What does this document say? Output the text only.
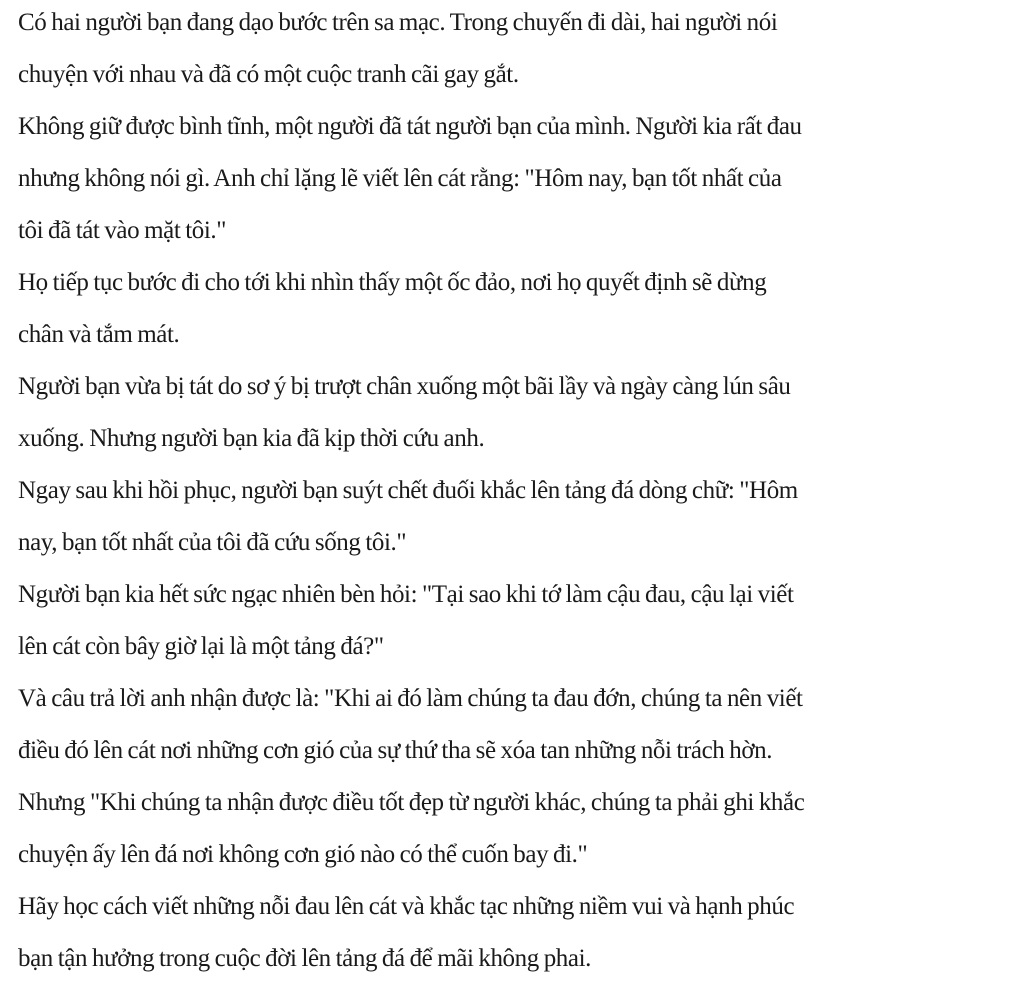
Có hai người bạn đang dạo bước trên sa mạc. Trong chuyến đi dài, hai người nói
chuyện với nhau và đã có một cuộc tranh cãi gay gắt.
Không giữ được bình tĩnh, một người đã tát người bạn của mình. Người kia rất đau
nhưng không nói gì. Anh chỉ lặng lẽ viết lên cát rằng: "Hôm nay, bạn tốt nhất của
tôi đã tát vào mặt tôi."
Họ tiếp tục bước đi cho tới khi nhìn thấy một ốc đảo, nơi họ quyết định sẽ dừng
chân và tắm mát.
Người bạn vừa bị tát do sơ ý bị trượt chân xuống một bãi lầy và ngày càng lún sâu
xuống. Nhưng người bạn kia đã kịp thời cứu anh.
Ngay sau khi hồi phục, người bạn suýt chết đuối khắc lên tảng đá dòng chữ: "Hôm
nay, bạn tốt nhất của tôi đã cứu sống tôi."
Người bạn kia hết sức ngạc nhiên bèn hỏi: "Tại sao khi tớ làm cậu đau, cậu lại viết
lên cát còn bây giờ lại là một tảng đá?"
Và câu trả lời anh nhận được là: "Khi ai đó làm chúng ta đau đớn, chúng ta nên viết
điều đó lên cát nơi những cơn gió của sự thứ tha sẽ xóa tan những nỗi trách hờn.
Nhưng "Khi chúng ta nhận được điều tốt đẹp từ người khác, chúng ta phải ghi khắc
chuyện ấy lên đá nơi không cơn gió nào có thể cuốn bay đi."
Hãy học cách viết những nỗi đau lên cát và khắc tạc những niềm vui và hạnh phúc
bạn tận hưởng trong cuộc đời lên tảng đá để mãi không phai.
